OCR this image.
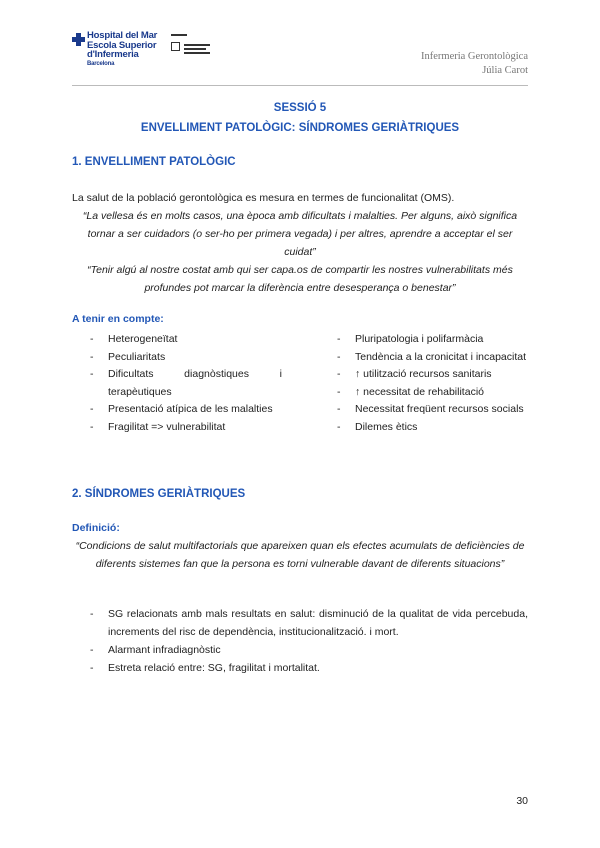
Hospital del Mar
Escola Superior
d'Infermeria
Barcelona
Infermeria Gerontològica
Júlia Carot
SESSIÓ 5
ENVELLIMENT PATOLÒGIC: SÍNDROMES GERIÀTRIQUES
1. ENVELLIMENT PATOLÒGIC
La salut de la població gerontològica es mesura en termes de funcionalitat (OMS).
“La vellesa és en molts casos, una època amb dificultats i malalties. Per alguns, això significa tornar a ser cuidadors (o ser-ho per primera vegada) i per altres, aprendre a acceptar el ser cuidat”
“Tenir algú al nostre costat amb qui ser capa.os de compartir les nostres vulnerabilitats més profundes pot marcar la diferència entre desesperança o benestar”
A tenir en compte:
- Heterogeneïtat
- Peculiaritats
- Dificultats diagnòstiques i terapèutiques
- Presentació atípica de les malalties
- Fragilitat => vulnerabilitat
- Pluripatologia i polifarmàcia
- Tendència a la cronicitat i incapacitat
- ↑ utilització recursos sanitaris
- ↑ necessitat de rehabilitació
- Necessitat freqüent recursos socials
- Dilemes ètics
2. SÍNDROMES GERIÀTRIQUES
Definició:
“Condicions de salut multifactorials que apareixen quan els efectes acumulats de deficiències de diferents sistemes fan que la persona es torni vulnerable davant de diferents situacions”
- SG relacionats amb mals resultats en salut: disminució de la qualitat de vida percebuda, increments del risc de dependència, institucionalització. i mort.
- Alarmant infradiagnòstic
- Estreta relació entre: SG, fragilitat i mortalitat.
30
